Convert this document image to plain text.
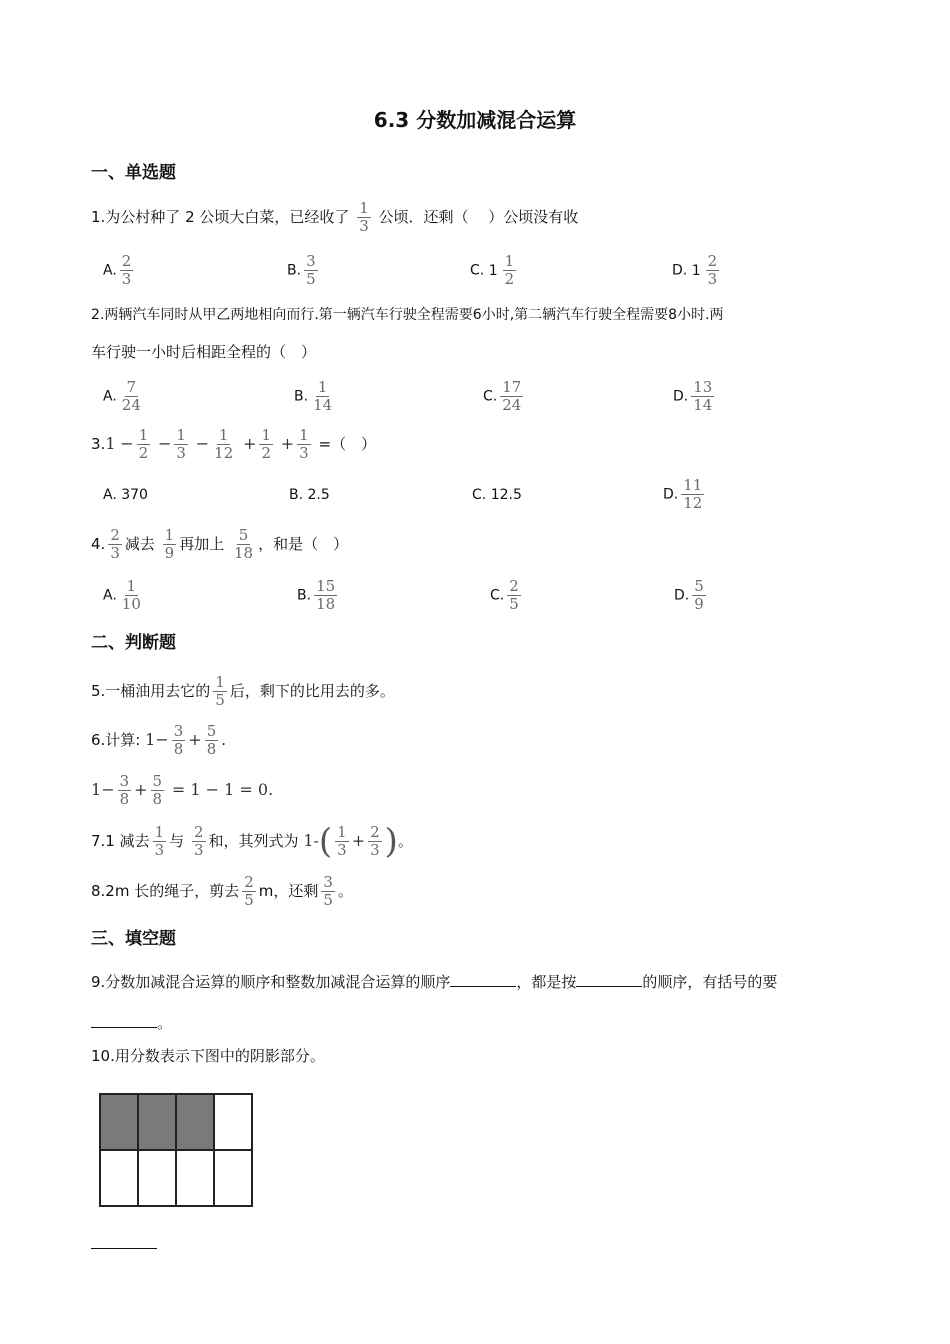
6.3 分数加减混合运算
一、单选题
1.为公村种了 2 公顷大白菜，已经收了 $\frac{1}{3}$ 公顷．还剩（　 ）公顷没有收
A. $\frac{2}{3}$	B. $\frac{3}{5}$	C. $1 \frac{1}{2}$	D. $1 \frac{2}{3}$
2.两辆汽车同时从甲乙两地相向而行.第一辆汽车行驶全程需要6小时,第二辆汽车行驶全程需要8小时.两
车行驶一小时后相距全程的（　）
A. $\frac{7}{24}$	B. $\frac{1}{14}$	C. $\frac{17}{24}$	D. $\frac{13}{14}$
$3.1 - \frac{1}{2} - \frac{1}{3} - \frac{1}{12} + \frac{1}{2} + \frac{1}{3}$ =（　）
A. 370	B. 2.5	C. 12.5	D. $\frac{11}{12}$
4. $\frac{2}{3}$ 减去 $\frac{1}{9}$ 再加上 $\frac{5}{18}$ ，和是（　）
A. $\frac{1}{10}$	B. $\frac{15}{18}$	C. $\frac{2}{5}$	D. $\frac{5}{9}$
二、判断题
5.一桶油用去它的 $\frac{1}{5}$ 后，剩下的比用去的多。
6.计算: $1- \frac{3}{8} + \frac{5}{8}$ .
$1- \frac{3}{8} + \frac{5}{8} = 1 - 1 = 0$.
7.1 减去 $\frac{1}{3}$ 与 $\frac{2}{3}$ 和，其列式为 $1-( \frac{1}{3} + \frac{2}{3}$ )。
8.2m 长的绳子，剪去 $\frac{2}{5}$ m，还剩 $\frac{3}{5}$ 。
三、填空题
9.分数加减混合运算的顺序和整数加减混合运算的顺序	，都是按	的顺序，有括号的要
。
10.用分数表示下图中的阴影部分。
